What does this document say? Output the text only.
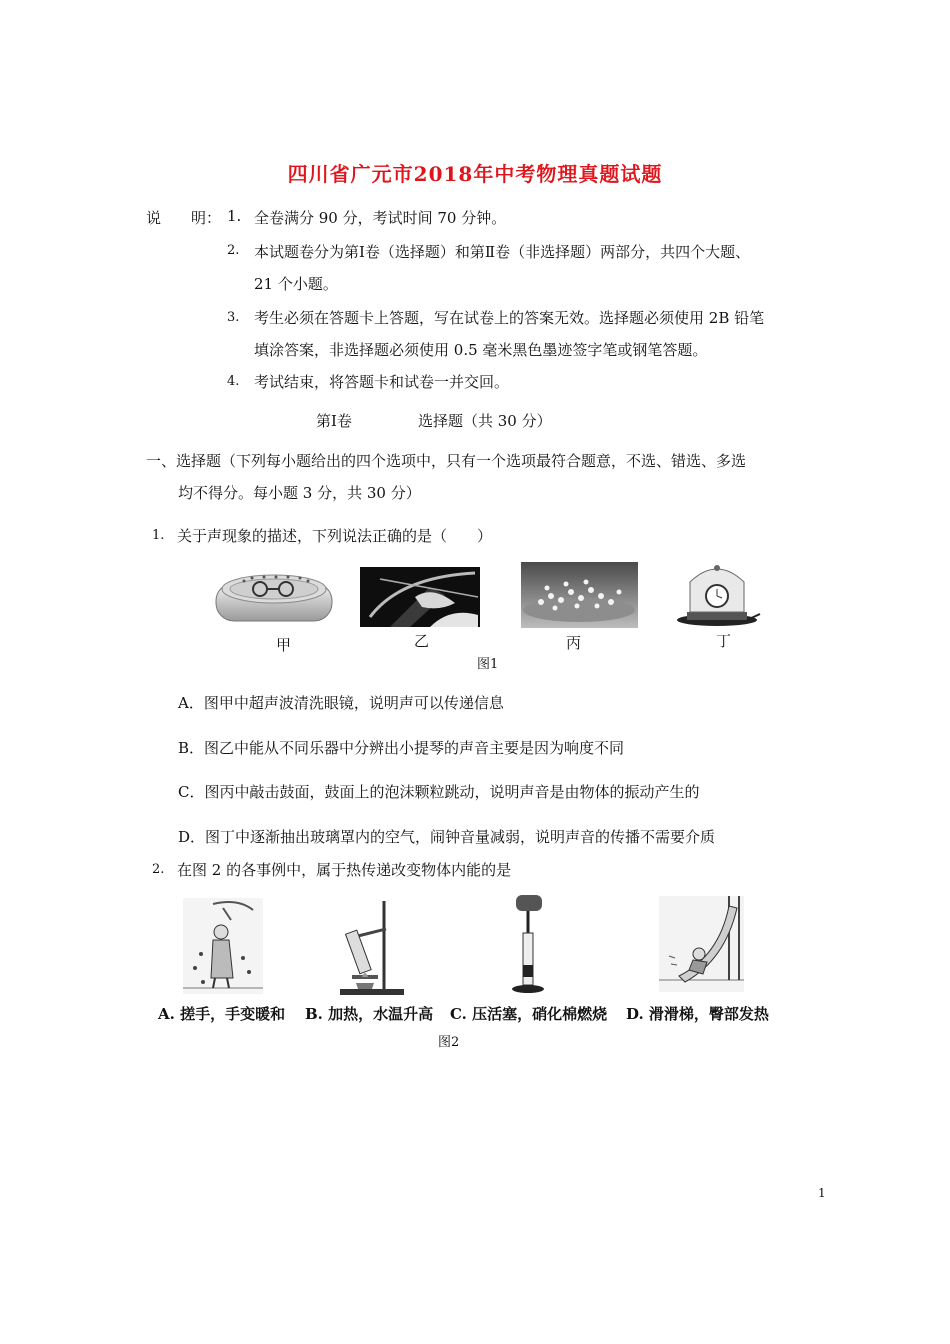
四川省广元市2018年中考物理真题试题
说 明： 1. 全卷满分 90 分，考试时间 70 分钟。
2. 本试题卷分为第Ⅰ卷（选择题）和第Ⅱ卷（非选择题）两部分，共四个大题、
21 个小题。
3. 考生必须在答题卡上答题，写在试卷上的答案无效。选择题必须使用 2B 铅笔
填涂答案，非选择题必须使用 0.5 毫米黑色墨迹签字笔或钢笔答题。
4. 考试结束，将答题卡和试卷一并交回。
第Ⅰ卷	选择题（共 30 分）
一、选择题（下列每小题给出的四个选项中，只有一个选项最符合题意，不选、错选、多选
均不得分。每小题 3 分，共 30 分）
1. 关于声现象的描述，下列说法正确的是（　　）
甲	乙	丙	丁
图1
A．图甲中超声波清洗眼镜，说明声可以传递信息
B．图乙中能从不同乐器中分辨出小提琴的声音主要是因为响度不同
C．图丙中敲击鼓面，鼓面上的泡沫颗粒跳动，说明声音是由物体的振动产生的
D．图丁中逐渐抽出玻璃罩内的空气，闹钟音量减弱，说明声音的传播不需要介质
2. 在图 2 的各事例中，属于热传递改变物体内能的是
A. 搓手，手变暖和 B. 加热，水温升高 C. 压活塞，硝化棉燃烧 D. 滑滑梯，臀部发热
图2
1
